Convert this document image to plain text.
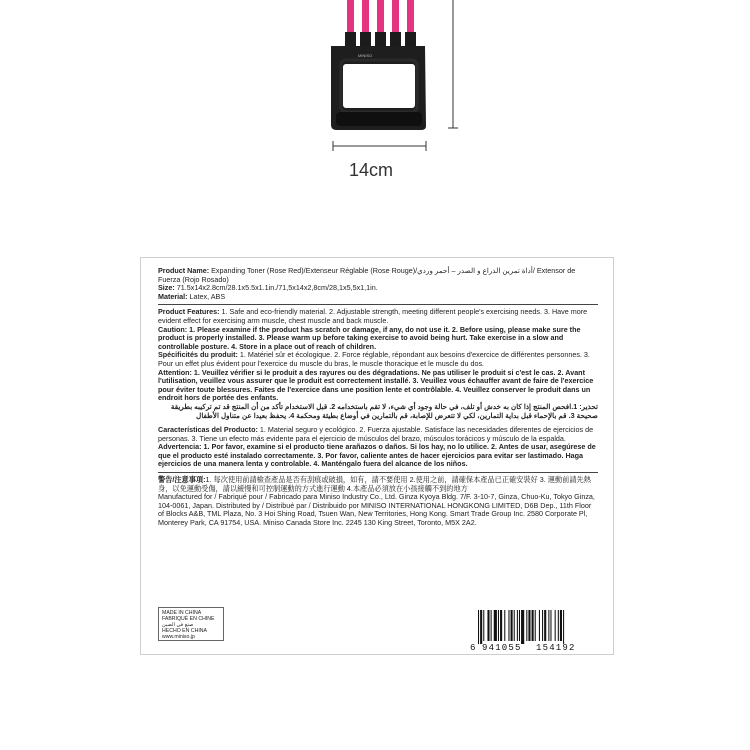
MINISO
14cm

Product Name: Expanding Toner (Rose Red)/Extenseur Réglable (Rose Rouge)/أداة تمرين الذراع و الصدر – أحمر وردي/ Extensor de Fuerza (Rojo Rosado)

Size: 71.5x14x2.8cm/28.1x5.5x1.1in./71,5x14x2,8cm/28,1x5,5x1,1in.

Material: Latex, ABS

Product Features: 1. Safe and eco-friendly material. 2. Adjustable strength, meeting different people's exercising needs. 3. Have more evident effect for exercising arm muscle, chest muscle and back muscle.

Caution: 1. Please examine if the product has scratch or damage, if any, do not use it. 2. Before using, please make sure the product is properly installed. 3. Please warm up before taking exercise to avoid being hurt. Take exercise in a slow and controllable posture. 4. Store in a place out of reach of children.

Spécificités du produit: 1. Matériel sûr et écologique. 2. Force réglable, répondant aux besoins d'exercice de différentes personnes. 3. Pour un effet plus évident pour l'exercice du muscle du bras, le muscle thoracique et le muscle du dos.

Attention: 1. Veuillez vérifier si le produit a des rayures ou des dégradations. Ne pas utiliser le produit si c'est le cas. 2. Avant l'utilisation, veuillez vous assurer que le produit est correctement installé. 3. Veuillez vous échauffer avant de faire de l'exercice pour éviter toute blessures. Faites de l'exercice dans une position lente et contrôlable. 4. Veuillez conserver le produit dans un endroit hors de portée des enfants.

تحذير: 1.افحص المنتج إذا كان به خدش أو تلف، في حالة وجود أي شيء، لا تقم باستخدامه 2. قبل الاستخدام تأكد من أن المنتج قد تم تركيبه بطريقة صحيحة 3. قم بالإحماء قبل بداية التمارين، لكي لا تتعرض للإصابة، قم بالتمارين في أوضاع بطيئة ومحكمة 4. يحفظ بعيدا عن متناول الأطفال

Características del Producto: 1. Material seguro y ecológico. 2. Fuerza ajustable. Satisface las necesidades diferentes de ejercicios de personas. 3. Tiene un efecto más evidente para el ejercicio de músculos del brazo, músculos torácicos y músculo de la espalda.

Advertencia: 1. Por favor, examine si el producto tiene arañazos o daños. Si los hay, no lo utilice. 2. Antes de usar, asegúrese de que el producto esté instalado correctamente. 3. Por favor, caliente antes de hacer ejercicios para evitar ser lastimado. Haga ejercicios de una manera lenta y controlable. 4. Manténgalo fuera del alcance de los niños.

警告/注意事項:1. 每次使用前請檢查產品是否有刮痕或破損，如有，請不要使用 2.使用之前，請確保本產品已正確安裝好 3. 運動前請先熱身，以免運動受傷，請以緩慢和可控制運動的方式進行運動 4.本產品必須放在小孩接觸不到的地方

Manufactured for / Fabriqué pour / Fabricado para Miniso Industry Co., Ltd. Ginza Kyoya Bldg. 7/F. 3-10-7, Ginza, Chuo-Ku, Tokyo Ginza, 104-0061, Japan. Distributed by / Distribué par / Distribuido por MINISO INTERNATIONAL HONGKONG LIMITED, D6B Dep., 11th Floor of Blocks A&B, TML Plaza, No. 3 Hoi Shing Road, Tsuen Wan, New Territories, Hong Kong. Smart Trade Group Inc. 2580 Corporate Pl, Monterey Park, CA 91754, USA. Miniso Canada Store Inc. 2245 130 King Street, Toronto, M5X 2A2.

MADE IN CHINA
FABRIQUÉ EN CHINE
صنع في الصين
HECHO EN CHINA
www.miniso.jp
6 941055 154192
